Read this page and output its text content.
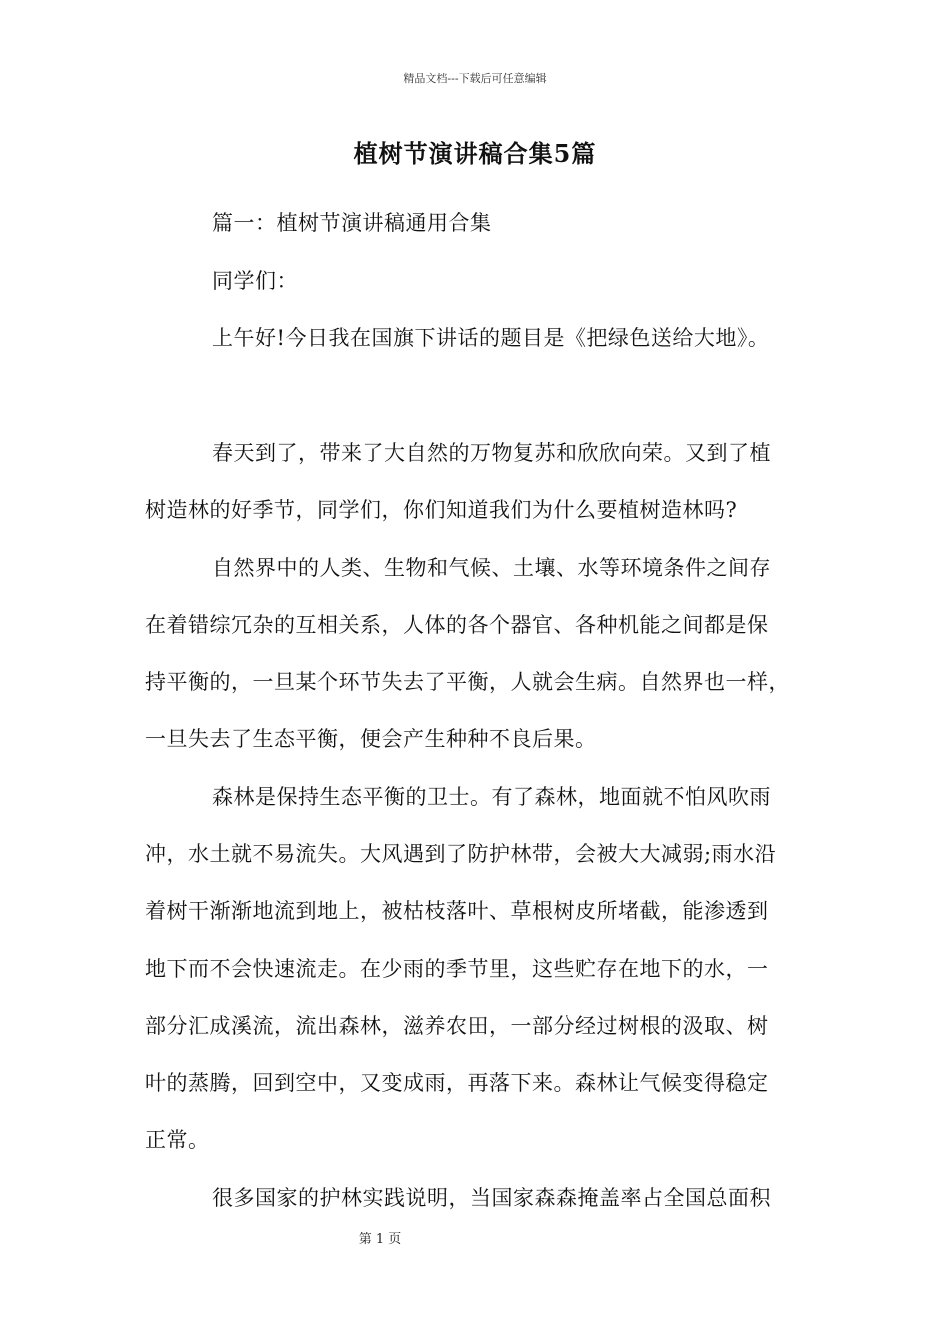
精品文档---下载后可任意编辑
植树节演讲稿合集5篇
篇一：植树节演讲稿通用合集
同学们：
上午好!今日我在国旗下讲话的题目是《把绿色送给大地》。
春天到了，带来了大自然的万物复苏和欣欣向荣。又到了植
树造林的好季节，同学们，你们知道我们为什么要植树造林吗?
自然界中的人类、生物和气候、土壤、水等环境条件之间存
在着错综冗杂的互相关系，人体的各个器官、各种机能之间都是保
持平衡的，一旦某个环节失去了平衡，人就会生病。自然界也一样，
一旦失去了生态平衡，便会产生种种不良后果。
森林是保持生态平衡的卫士。有了森林，地面就不怕风吹雨
冲，水土就不易流失。大风遇到了防护林带，会被大大减弱;雨水沿
着树干渐渐地流到地上，被枯枝落叶、草根树皮所堵截，能渗透到
地下而不会快速流走。在少雨的季节里，这些贮存在地下的水，一
部分汇成溪流，流出森林，滋养农田，一部分经过树根的汲取、树
叶的蒸腾，回到空中，又变成雨，再落下来。森林让气候变得稳定
正常。
很多国家的护林实践说明，当国家森森掩盖率占全国总面积
第 1 页
